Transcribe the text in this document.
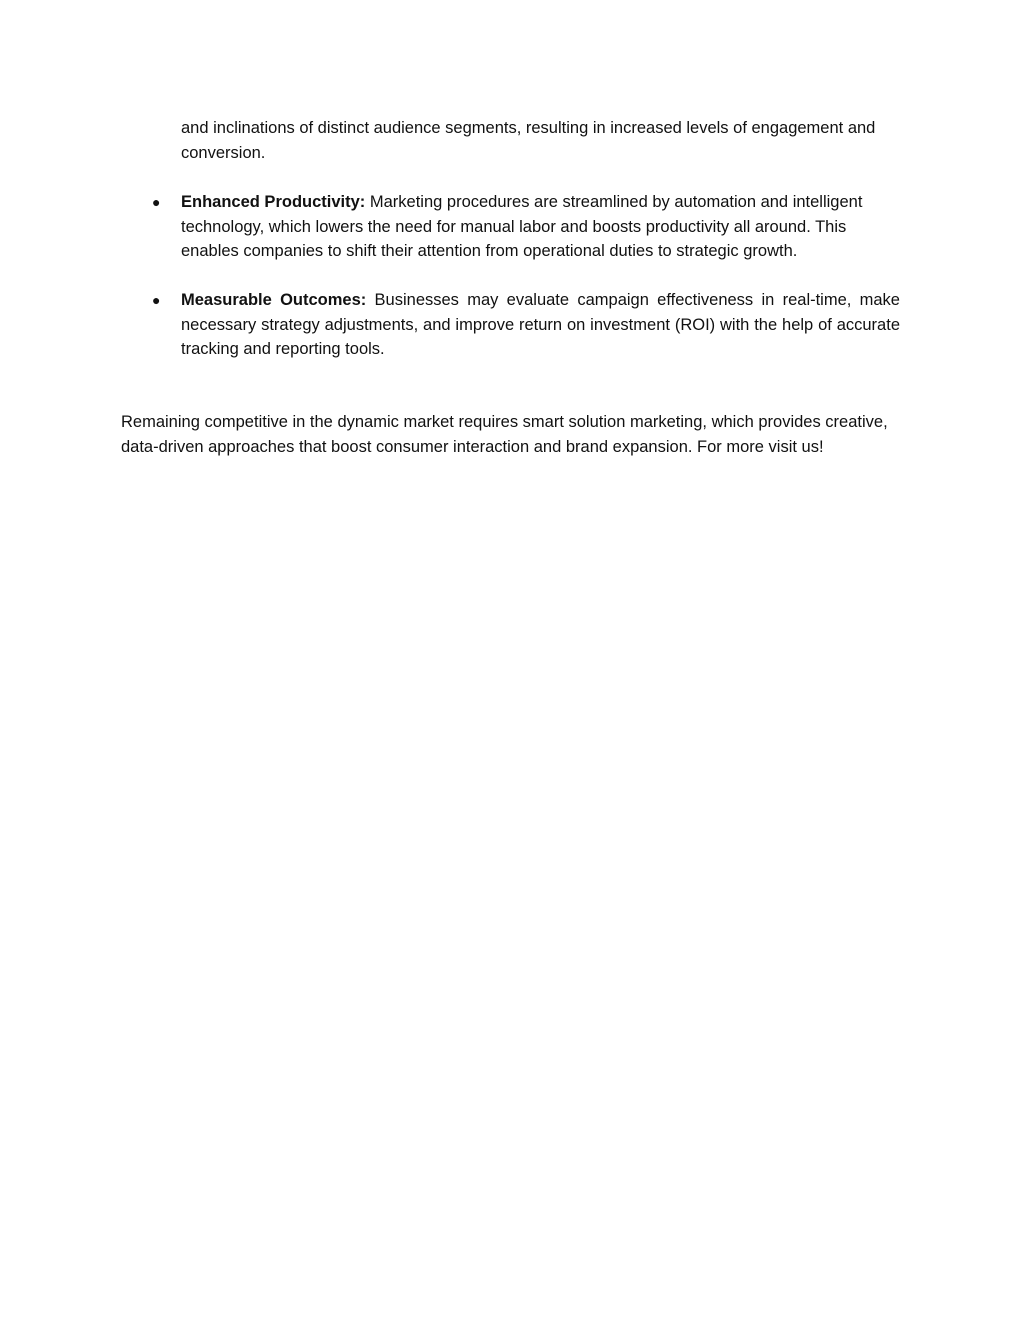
and inclinations of distinct audience segments, resulting in increased levels of engagement and conversion.

● Enhanced Productivity: Marketing procedures are streamlined by automation and intelligent technology, which lowers the need for manual labor and boosts productivity all around. This enables companies to shift their attention from operational duties to strategic growth.
● Measurable Outcomes: Businesses may evaluate campaign effectiveness in real-time, make necessary strategy adjustments, and improve return on investment (ROI) with the help of accurate tracking and reporting tools.

Remaining competitive in the dynamic market requires smart solution marketing, which provides creative, data-driven approaches that boost consumer interaction and brand expansion. For more visit us!
